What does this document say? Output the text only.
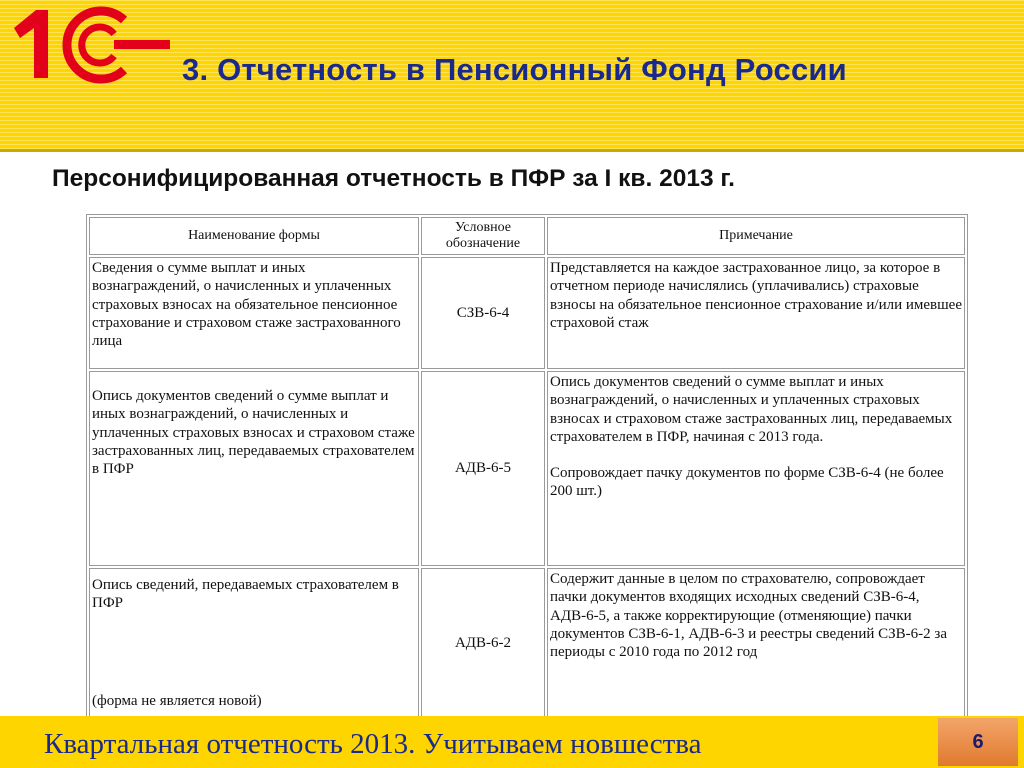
®
3. Отчетность в Пенсионный Фонд России
Персонифицированная отчетность в ПФР за I кв. 2013 г.
Наименование формы	Условное обозначение	Примечание
Сведения о сумме выплат и иных вознаграждений, о начисленных и уплаченных страховых взносах на обязательное пенсионное страхование и страховом стаже застрахованного лица	СЗВ-6-4	Представляется на каждое застрахованное лицо, за которое в отчетном периоде начислялись (уплачивались) страховые взносы на обязательное пенсионное страхование и/или имевшее страховой стаж

Опись документов сведений о сумме выплат и иных вознаграждений, о начисленных и уплаченных страховых взносах и страховом стаже застрахованных лиц, передаваемых страхователем в ПФР	АДВ-6-5	Опись документов сведений о сумме выплат и иных вознаграждений, о начисленных и уплаченных страховых взносах и страховом стаже застрахованных лиц, передаваемых страхователем в ПФР, начиная с 2013 года.
Сопровождает пачку документов по форме СЗВ-6-4 (не более 200 шт.)

Опись сведений, передаваемых страхователем в ПФР
(форма не является новой)	АДВ-6-2	Содержит данные в целом по страхователю, сопровождает пачки документов входящих исходных сведений СЗВ-6-4, АДВ-6-5, а также корректирующие (отменяющие) пачки документов СЗВ-6-1, АДВ-6-3 и реестры сведений СЗВ-6-2 за периоды с 2010 года по 2012 год
Квартальная отчетность 2013. Учитываем новшества	6
